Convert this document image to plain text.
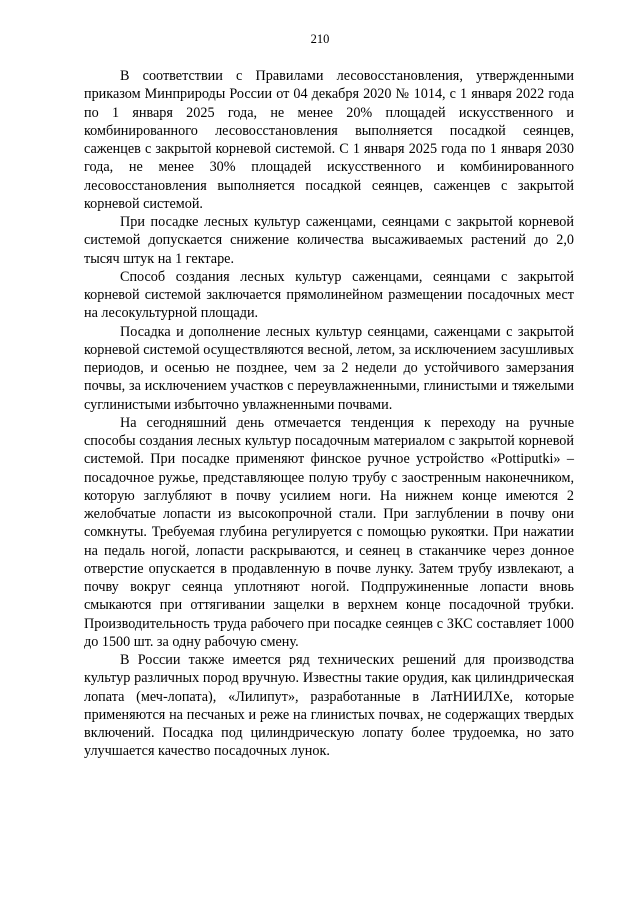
210

В соответствии с Правилами лесовосстановления, утвержденными приказом Минприроды России от 04 декабря 2020 № 1014, с 1 января 2022 года по 1 января 2025 года, не менее 20% площадей искусственного и комбинированного лесовосстановления выполняется посадкой сеянцев, саженцев с закрытой корневой системой. С 1 января 2025 года по 1 января 2030 года, не менее 30% площадей искусственного и комбинированного лесовосстановления выполняется посадкой сеянцев, саженцев с закрытой корневой системой.

При посадке лесных культур саженцами, сеянцами с закрытой корневой системой допускается снижение количества высаживаемых растений до 2,0 тысяч штук на 1 гектаре.

Способ создания лесных культур саженцами, сеянцами с закрытой корневой системой заключается прямолинейном размещении посадочных мест на лесокультурной площади.

Посадка и дополнение лесных культур сеянцами, саженцами с закрытой корневой системой осуществляются весной, летом, за исключением засушливых периодов, и осенью не позднее, чем за 2 недели до устойчивого замерзания почвы, за исключением участков с переувлажненными, глинистыми и тяжелыми суглинистыми избыточно увлажненными почвами.

На сегодняшний день отмечается тенденция к переходу на ручные способы создания лесных культур посадочным материалом с закрытой корневой системой. При посадке применяют финское ручное устройство «Pottiputki» – посадочное ружье, представляющее полую трубу с заостренным наконечником, которую заглубляют в почву усилием ноги. На нижнем конце имеются 2 желобчатые лопасти из высокопрочной стали. При заглублении в почву они сомкнуты. Требуемая глубина регулируется с помощью рукоятки. При нажатии на педаль ногой, лопасти раскрываются, и сеянец в стаканчике через донное отверстие опускается в продавленную в почве лунку. Затем трубу извлекают, а почву вокруг сеянца уплотняют ногой. Подпружиненные лопасти вновь смыкаются при оттягивании защелки в верхнем конце посадочной трубки. Производительность труда рабочего при посадке сеянцев с ЗКС составляет 1000 до 1500 шт. за одну рабочую смену.

В России также имеется ряд технических решений для производства культур различных пород вручную. Известны такие орудия, как цилиндрическая лопата (меч-лопата), «Лилипут», разработанные в ЛатНИИЛХе, которые применяются на песчаных и реже на глинистых почвах, не содержащих твердых включений. Посадка под цилиндрическую лопату более трудоемка, но зато улучшается качество посадочных лунок.
